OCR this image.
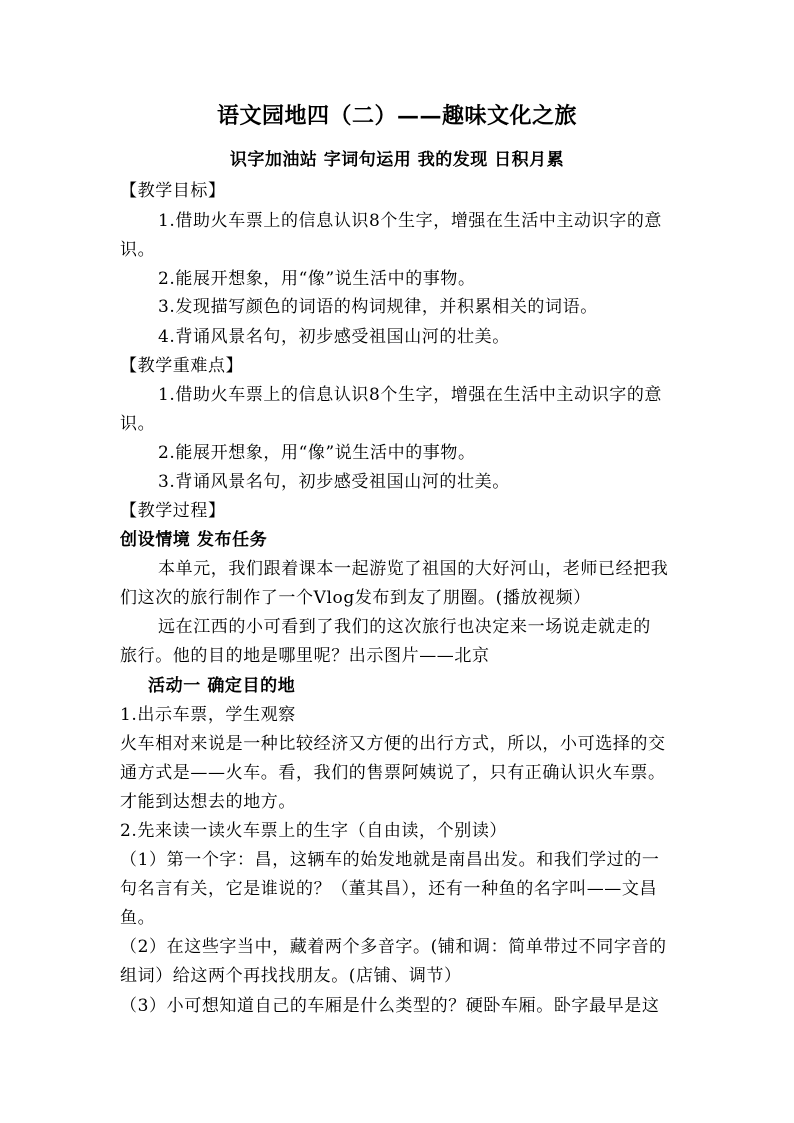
语文园地四（二）——趣味文化之旅
识字加油站 字词句运用 我的发现 日积月累
【教学目标】
1.借助火车票上的信息认识8个生字，增强在生活中主动识字的意
识。
2.能展开想象，用“像”说生活中的事物。
3.发现描写颜色的词语的构词规律，并积累相关的词语。
4.背诵风景名句，初步感受祖国山河的壮美。
【教学重难点】
1.借助火车票上的信息认识8个生字，增强在生活中主动识字的意
识。
2.能展开想象，用“像”说生活中的事物。
3.背诵风景名句，初步感受祖国山河的壮美。
【教学过程】
创设情境 发布任务
本单元，我们跟着课本一起游览了祖国的大好河山，老师已经把我
们这次的旅行制作了一个Vlog发布到友了朋圈。(播放视频）
远在江西的小可看到了我们的这次旅行也决定来一场说走就走的
旅行。他的目的地是哪里呢？出示图片——北京
活动一 确定目的地
1.出示车票，学生观察
火车相对来说是一种比较经济又方便的出行方式，所以，小可选择的交
通方式是——火车。看，我们的售票阿姨说了，只有正确认识火车票。
才能到达想去的地方。
2.先来读一读火车票上的生字（自由读，个别读）
（1）第一个字：昌，这辆车的始发地就是南昌出发。和我们学过的一
句名言有关，它是谁说的？（董其昌），还有一种鱼的名字叫——文昌
鱼。
（2）在这些字当中，藏着两个多音字。(铺和调：简单带过不同字音的
组词）给这两个再找找朋友。(店铺、调节）
（3）小可想知道自己的车厢是什么类型的？硬卧车厢。卧字最早是这
